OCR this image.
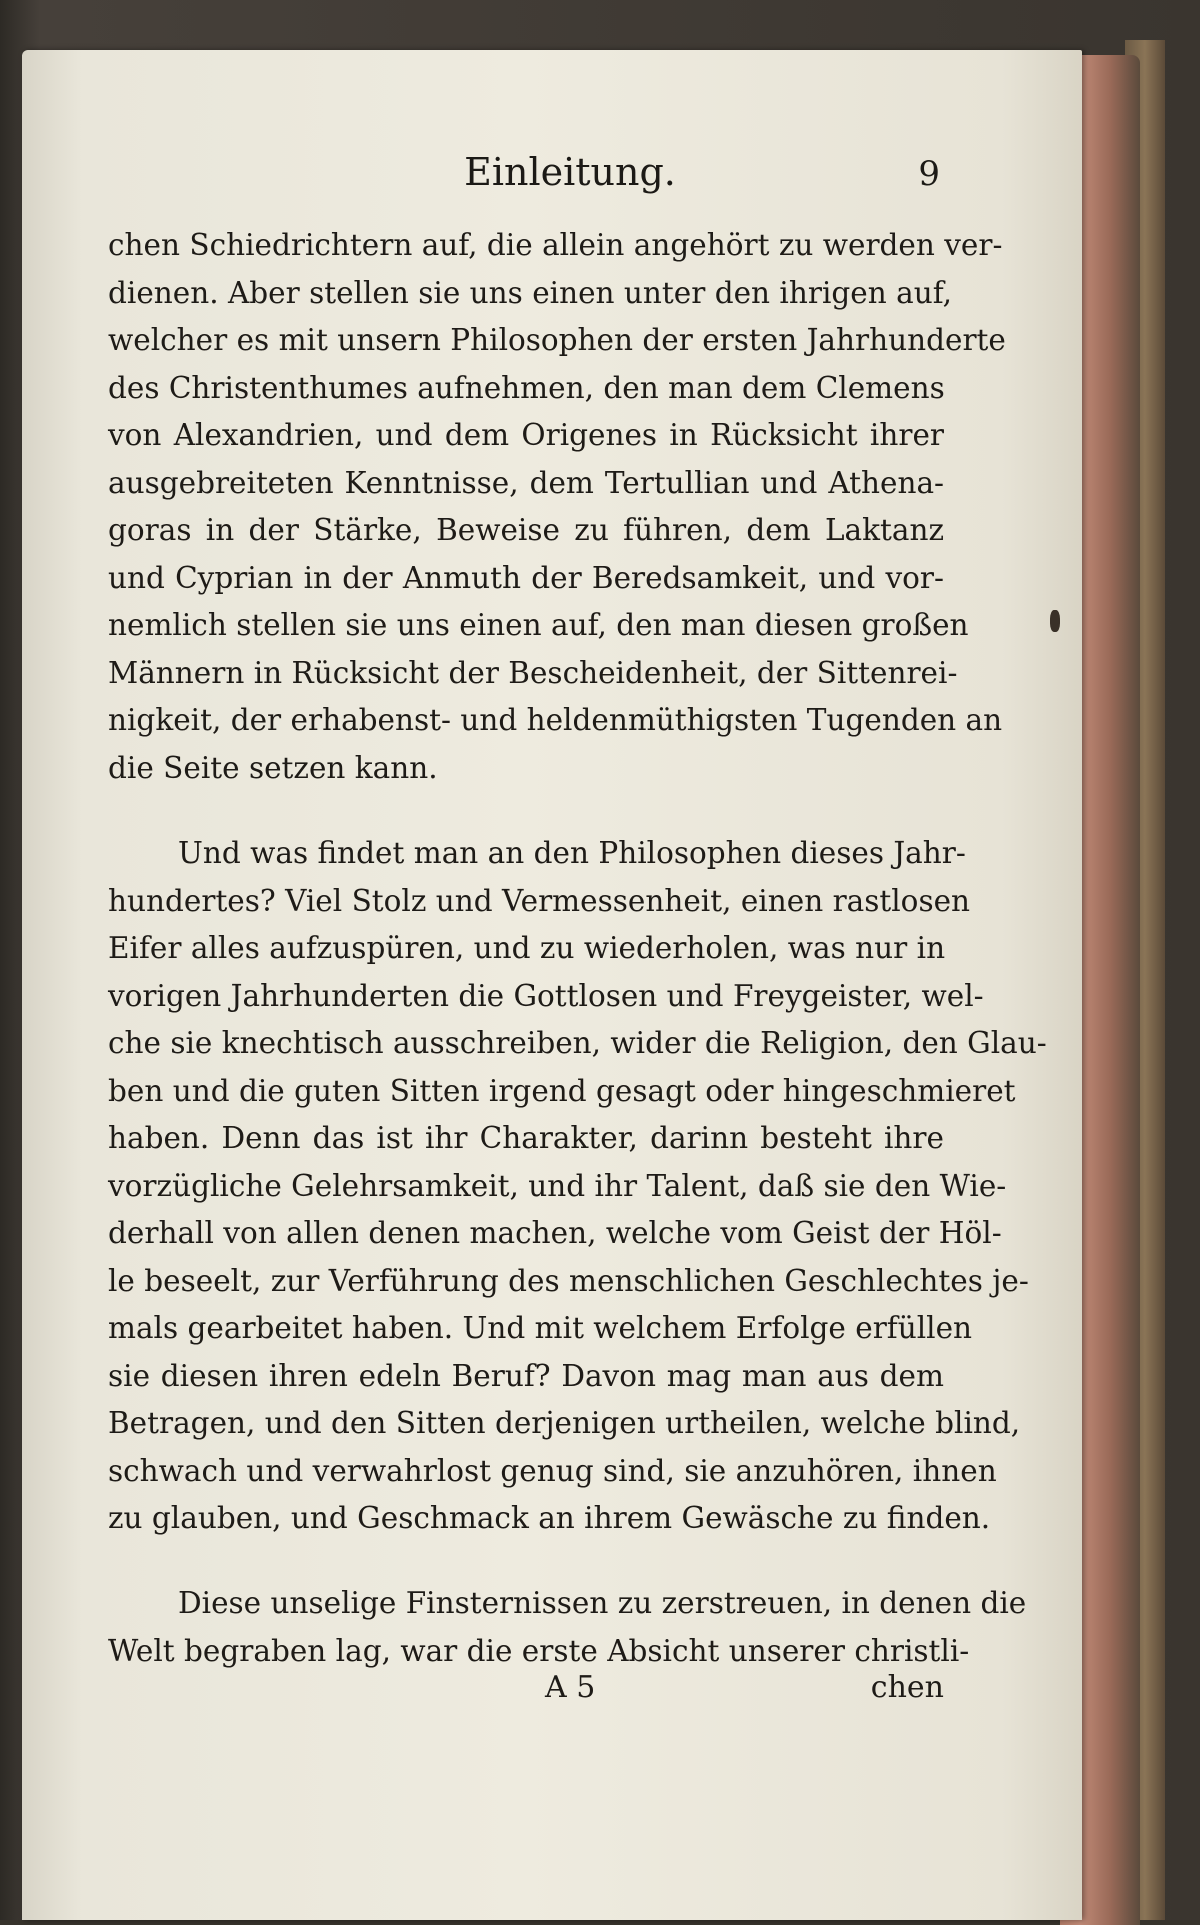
Einleitung.	9
chen Schiedrichtern auf, die allein angehört zu werden ver-
dienen. Aber stellen sie uns einen unter den ihrigen auf,
welcher es mit unsern Philosophen der ersten Jahrhunderte
des Christenthumes aufnehmen, den man dem Clemens
von Alexandrien, und dem Origenes in Rücksicht ihrer
ausgebreiteten Kenntnisse, dem Tertullian und Athena-
goras in der Stärke, Beweise zu führen, dem Laktanz
und Cyprian in der Anmuth der Beredsamkeit, und vor-
nemlich stellen sie uns einen auf, den man diesen großen
Männern in Rücksicht der Bescheidenheit, der Sittenrei-
nigkeit, der erhabenst- und heldenmüthigsten Tugenden an
die Seite setzen kann.
Und was findet man an den Philosophen dieses Jahr-
hundertes? Viel Stolz und Vermessenheit, einen rastlosen
Eifer alles aufzuspüren, und zu wiederholen, was nur in
vorigen Jahrhunderten die Gottlosen und Freygeister, wel-
che sie knechtisch ausschreiben, wider die Religion, den Glau-
ben und die guten Sitten irgend gesagt oder hingeschmieret
haben. Denn das ist ihr Charakter, darinn besteht ihre
vorzügliche Gelehrsamkeit, und ihr Talent, daß sie den Wie-
derhall von allen denen machen, welche vom Geist der Höl-
le beseelt, zur Verführung des menschlichen Geschlechtes je-
mals gearbeitet haben. Und mit welchem Erfolge erfüllen
sie diesen ihren edeln Beruf? Davon mag man aus dem
Betragen, und den Sitten derjenigen urtheilen, welche blind,
schwach und verwahrlost genug sind, sie anzuhören, ihnen
zu glauben, und Geschmack an ihrem Gewäsche zu finden.
Diese unselige Finsternissen zu zerstreuen, in denen die
Welt begraben lag, war die erste Absicht unserer christli-
A 5	chen
